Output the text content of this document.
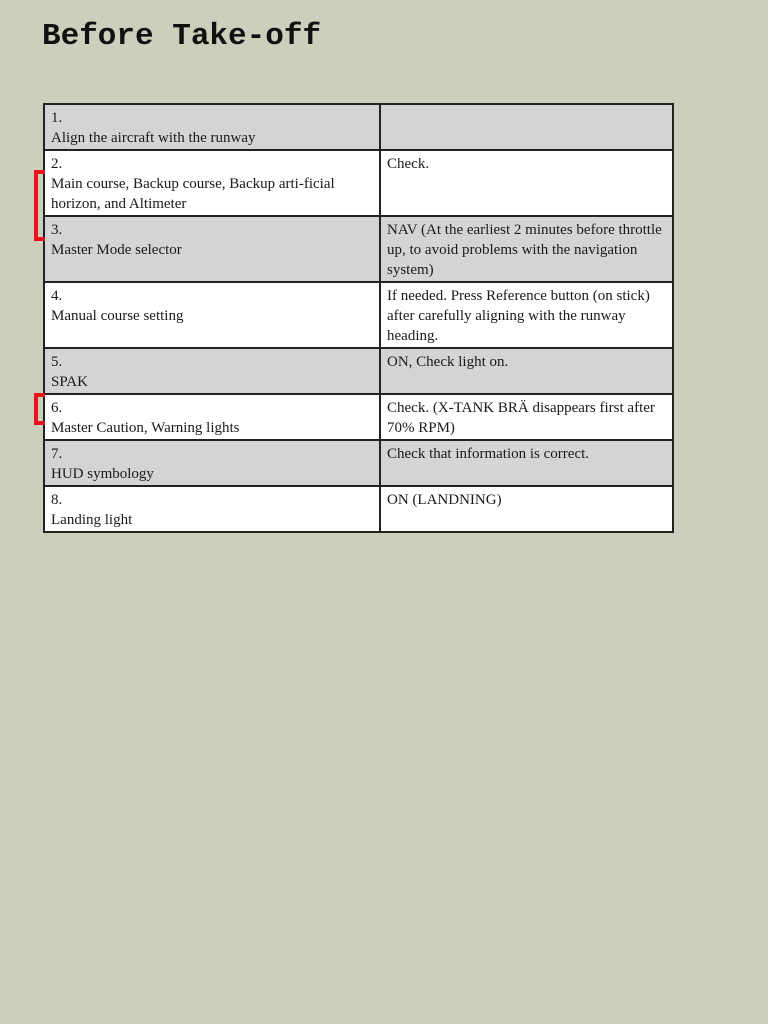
Before Take-off
1.Align the aircraft with the runway	
2.Main course, Backup course, Backup arti-ficial horizon, and Altimeter	Check.
3.Master Mode selector	NAV (At the earliest 2 minutes before throttle up, to avoid problems with the navigation system)
4.Manual course setting	If needed. Press Reference button (on stick) after carefully aligning with the runway heading.
5.SPAK	ON, Check light on.
6.Master Caution, Warning lights	Check. (X-TANK BRÄ disappears first after 70% RPM)
7.HUD symbology	Check that information is correct.
8.Landing light	ON (LANDNING)
